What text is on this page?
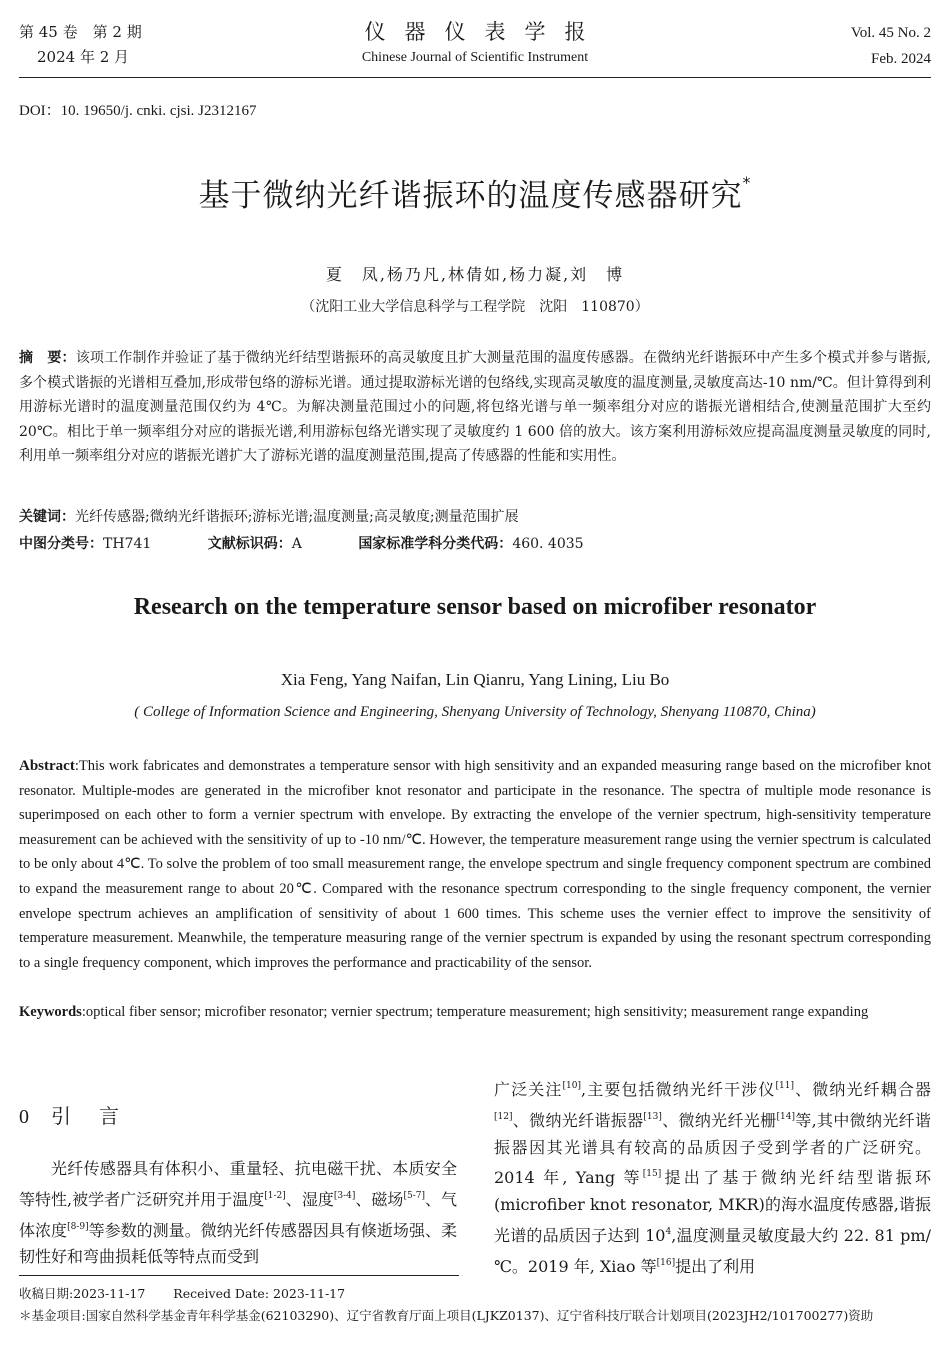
第 45 卷　第 2 期
2024 年 2 月
仪器仪表学报
Chinese Journal of Scientific Instrument
Vol. 45 No. 2
Feb. 2024
DOI：10. 19650/j. cnki. cjsi. J2312167
基于微纳光纤谐振环的温度传感器研究*
夏　凤,杨乃凡,林倩如,杨力凝,刘　博
（沈阳工业大学信息科学与工程学院　沈阳　110870）
摘　要：该项工作制作并验证了基于微纳光纤结型谐振环的高灵敏度且扩大测量范围的温度传感器。在微纳光纤谐振环中产生多个模式并参与谐振,多个模式谐振的光谱相互叠加,形成带包络的游标光谱。通过提取游标光谱的包络线,实现高灵敏度的温度测量,灵敏度高达-10 nm/℃。但计算得到利用游标光谱时的温度测量范围仅约为 4℃。为解决测量范围过小的问题,将包络光谱与单一频率组分对应的谐振光谱相结合,使测量范围扩大至约 20℃。相比于单一频率组分对应的谐振光谱,利用游标包络光谱实现了灵敏度约 1 600 倍的放大。该方案利用游标效应提高温度测量灵敏度的同时,利用单一频率组分对应的谐振光谱扩大了游标光谱的温度测量范围,提高了传感器的性能和实用性。
关键词：光纤传感器;微纳光纤谐振环;游标光谱;温度测量;高灵敏度;测量范围扩展
中图分类号：TH741	文献标识码：A	国家标准学科分类代码：460. 4035
Research on the temperature sensor based on microfiber resonator
Xia Feng, Yang Naifan, Lin Qianru, Yang Lining, Liu Bo
( College of Information Science and Engineering, Shenyang University of Technology, Shenyang 110870, China)
Abstract:This work fabricates and demonstrates a temperature sensor with high sensitivity and an expanded measuring range based on the microfiber knot resonator. Multiple-modes are generated in the microfiber knot resonator and participate in the resonance. The spectra of multiple mode resonance is superimposed on each other to form a vernier spectrum with envelope. By extracting the envelope of the vernier spectrum, high-sensitivity temperature measurement can be achieved with the sensitivity of up to -10 nm/℃. However, the temperature measurement range using the vernier spectrum is calculated to be only about 4℃. To solve the problem of too small measurement range, the envelope spectrum and single frequency component spectrum are combined to expand the measurement range to about 20℃. Compared with the resonance spectrum corresponding to the single frequency component, the vernier envelope spectrum achieves an amplification of sensitivity of about 1 600 times. This scheme uses the vernier effect to improve the sensitivity of temperature measurement. Meanwhile, the temperature measuring range of the vernier spectrum is expanded by using the resonant spectrum corresponding to a single frequency component, which improves the performance and practicability of the sensor.
Keywords:optical fiber sensor; microfiber resonator; vernier spectrum; temperature measurement; high sensitivity; measurement range expanding
0 引言
光纤传感器具有体积小、重量轻、抗电磁干扰、本质安全等特性,被学者广泛研究并用于温度[1-2]、湿度[3-4]、磁场[5-7]、气体浓度[8-9]等参数的测量。微纳光纤传感器因具有倏逝场强、柔韧性好和弯曲损耗低等特点而受到
广泛关注[10],主要包括微纳光纤干涉仪[11]、微纳光纤耦合器[12]、微纳光纤谐振器[13]、微纳光纤光栅[14]等,其中微纳光纤谐振器因其光谱具有较高的品质因子受到学者的广泛研究。2014 年, Yang 等[15]提出了基于微纳光纤结型谐振环(microfiber knot resonator, MKR)的海水温度传感器,谐振光谱的品质因子达到 $10^4$,温度测量灵敏度最大约 22. 81 pm/℃。2019 年, Xiao 等[16]提出了利用
收稿日期:2023-11-17 Received Date: 2023-11-17
＊基金项目:国家自然科学基金青年科学基金(62103290)、辽宁省教育厅面上项目(LJKZ0137)、辽宁省科技厅联合计划项目(2023JH2/101700277)资助
